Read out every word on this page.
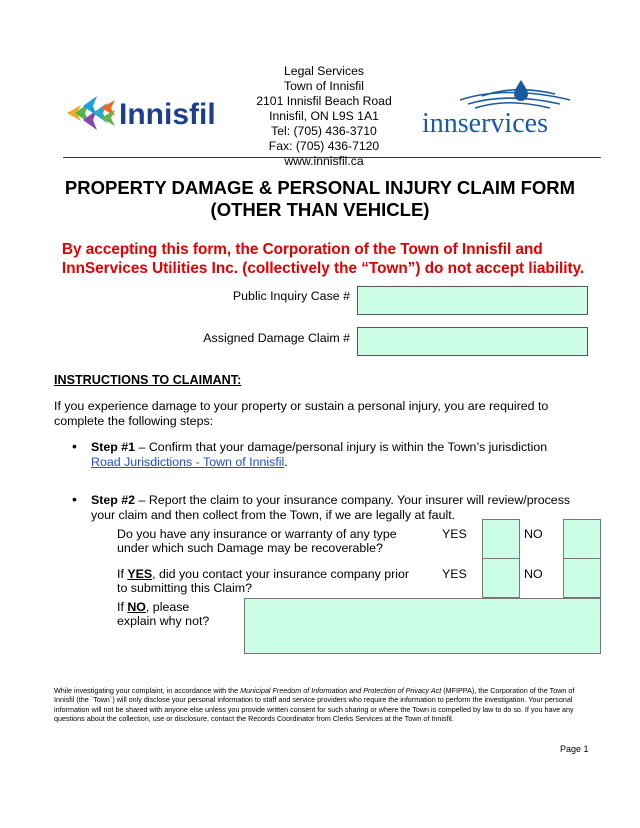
Innisfil
Legal Services
Town of Innisfil
2101 Innisfil Beach Road
Innisfil, ON L9S 1A1
Tel: (705) 436-3710
Fax: (705) 436-7120
www.innisfil.ca
innservices
PROPERTY DAMAGE & PERSONAL INJURY CLAIM FORM
(OTHER THAN VEHICLE)
By accepting this form, the Corporation of the Town of Innisfil and InnServices Utilities Inc. (collectively the “Town”) do not accept liability.
Public Inquiry Case #
Assigned Damage Claim #
INSTRUCTIONS TO CLAIMANT:
If you experience damage to your property or sustain a personal injury, you are required to complete the following steps:
•	Step #1 – Confirm that your damage/personal injury is within the Town’s jurisdiction Road Jurisdictions - Town of Innisfil.
•	Step #2 – Report the claim to your insurance company. Your insurer will review/process your claim and then collect from the Town, if we are legally at fault.
Do you have any insurance or warranty of any type under which such Damage may be recoverable?
YES	NO
If YES, did you contact your insurance company prior to submitting this Claim?
YES	NO
If NO, please explain why not?
While investigating your complaint, in accordance with the Municipal Freedom of Information and Protection of Privacy Act (MFIPPA), the Corporation of the Town of Innisfil (the `Town`) will only disclose your personal information to staff and service providers who require the information to perform the investigation. Your personal information will not be shared with anyone else unless you provide written consent for such sharing or where the Town is compelled by law to do so. If you have any questions about the collection, use or disclosure, contact the Records Coordinator from Clerks Services at the Town of Innisfil.
Page 1
